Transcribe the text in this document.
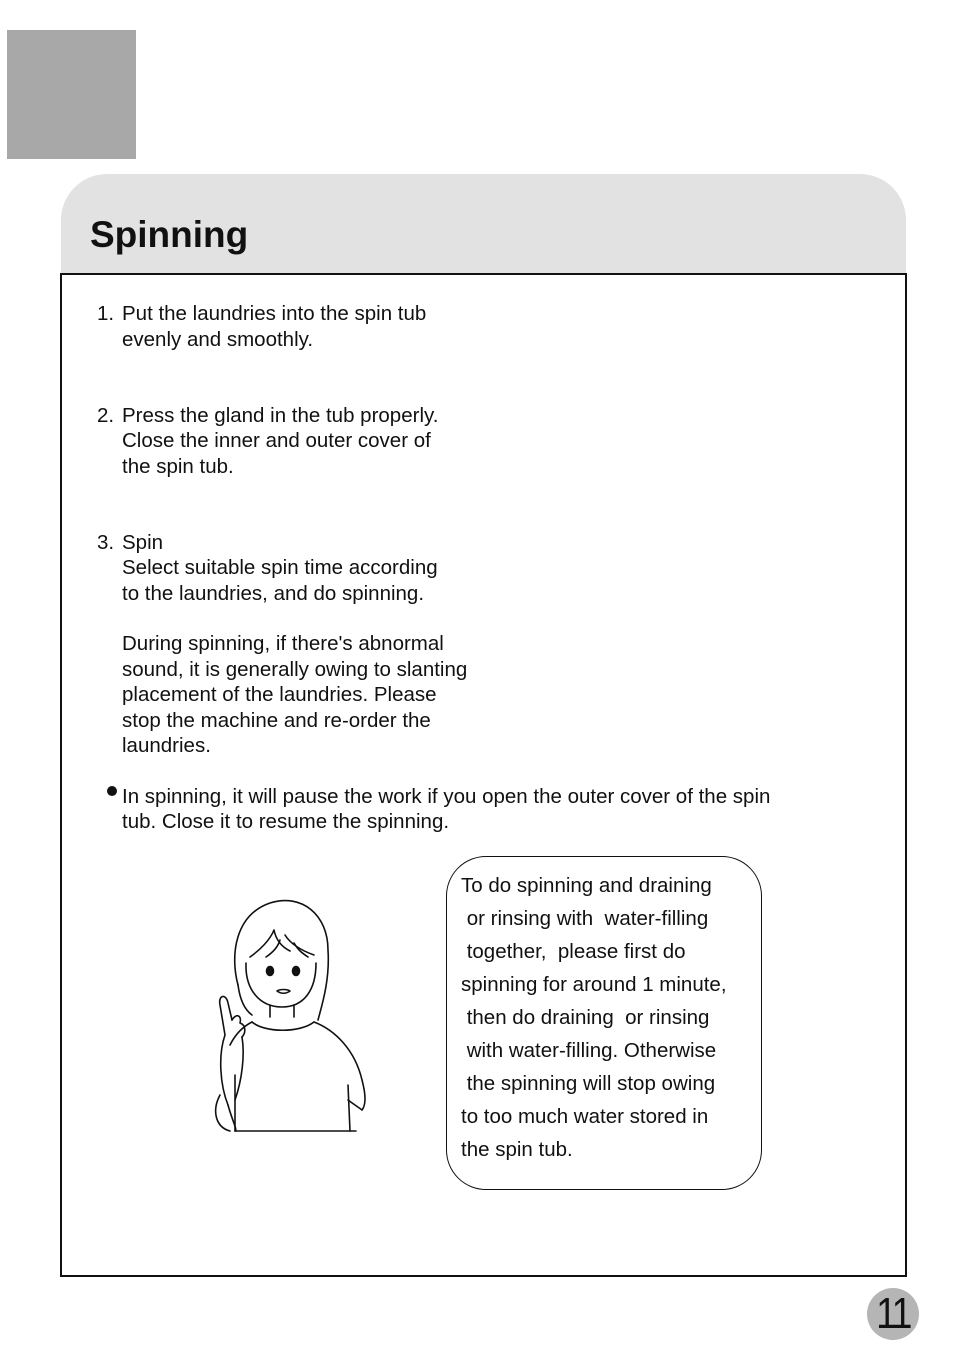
Spinning
1. Put the laundries into the spin tub
evenly and smoothly.
2. Press the gland in the tub properly.
Close the inner and outer cover of
the spin tub.
3. Spin
Select suitable spin time according
to the laundries, and do spinning.
During spinning, if there's abnormal
sound, it is generally owing to slanting
placement of the laundries. Please
stop the machine and re-order the
laundries.
In spinning, it will pause the work if you open the outer cover of the spin
tub. Close it to resume the spinning.
To do spinning and draining
or rinsing with  water-filling
together,  please first do
spinning for around 1 minute,
then do draining  or rinsing
with water-filling. Otherwise
the spinning will stop owing
to too much water stored in
the spin tub.
11
